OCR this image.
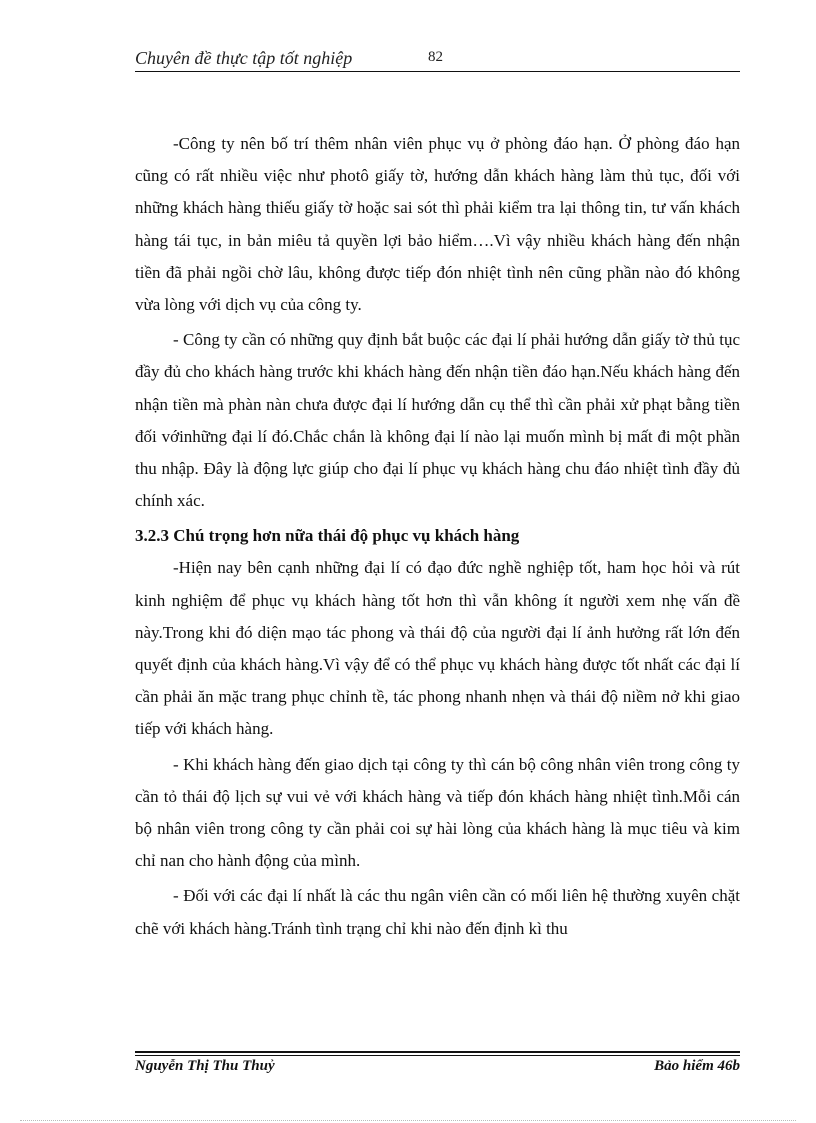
Chuyên đề thực tập tốt nghiệp	82

-Công ty nên bố trí thêm nhân viên phục vụ ở phòng đáo hạn. Ở phòng đáo hạn cũng có rất nhiều việc như photô giấy tờ, hướng dẫn khách hàng làm thủ tục, đối với những khách hàng thiếu giấy tờ hoặc sai sót thì phải kiểm tra lại thông tin, tư vấn khách hàng tái tục, in bản miêu tả quyền lợi bảo hiểm….Vì vậy nhiều khách hàng đến nhận tiền đã phải ngồi chờ lâu, không được tiếp đón nhiệt tình nên cũng phần nào đó không vừa lòng với dịch vụ của công ty.

- Công ty cần có những quy định bắt buộc các đại lí phải hướng dẫn giấy tờ thủ tục đầy đủ cho khách hàng trước khi khách hàng đến nhận tiền đáo hạn.Nếu khách hàng đến nhận tiền mà phàn nàn chưa được đại lí hướng dẫn cụ thể thì cần phải xử phạt bằng tiền đối vớinhững đại lí đó.Chắc chắn là không đại lí nào lại muốn mình bị mất đi một phần thu nhập. Đây là động lực giúp cho đại lí phục vụ khách hàng chu đáo nhiệt tình đầy đủ chính xác.

3.2.3 Chú trọng hơn nữa thái độ phục vụ khách hàng

-Hiện nay bên cạnh những đại lí có đạo đức nghề nghiệp tốt, ham học hỏi và rút kinh nghiệm để phục vụ khách hàng tốt hơn thì vẫn không ít người xem nhẹ vấn đề này.Trong khi đó diện mạo tác phong và thái độ của người đại lí ảnh hưởng rất lớn đến quyết định của khách hàng.Vì vậy để có thể phục vụ khách hàng được tốt nhất các đại lí cần phải ăn mặc trang phục chỉnh tề, tác phong nhanh nhẹn và thái độ niềm nở khi giao tiếp với khách hàng.

- Khi khách hàng đến giao dịch tại công ty thì cán bộ công nhân viên trong công ty cần tỏ thái độ lịch sự vui vẻ với khách hàng và tiếp đón khách hàng nhiệt tình.Mỗi cán bộ nhân viên trong công ty cần phải coi sự hài lòng của khách hàng là mục tiêu và kim chỉ nan cho hành động của mình.

- Đối với các đại lí nhất là các thu ngân viên cần có mối liên hệ thường xuyên chặt chẽ với khách hàng.Tránh tình trạng chỉ khi nào đến định kì thu

Nguyễn Thị Thu Thuỷ	Bảo hiểm 46b
